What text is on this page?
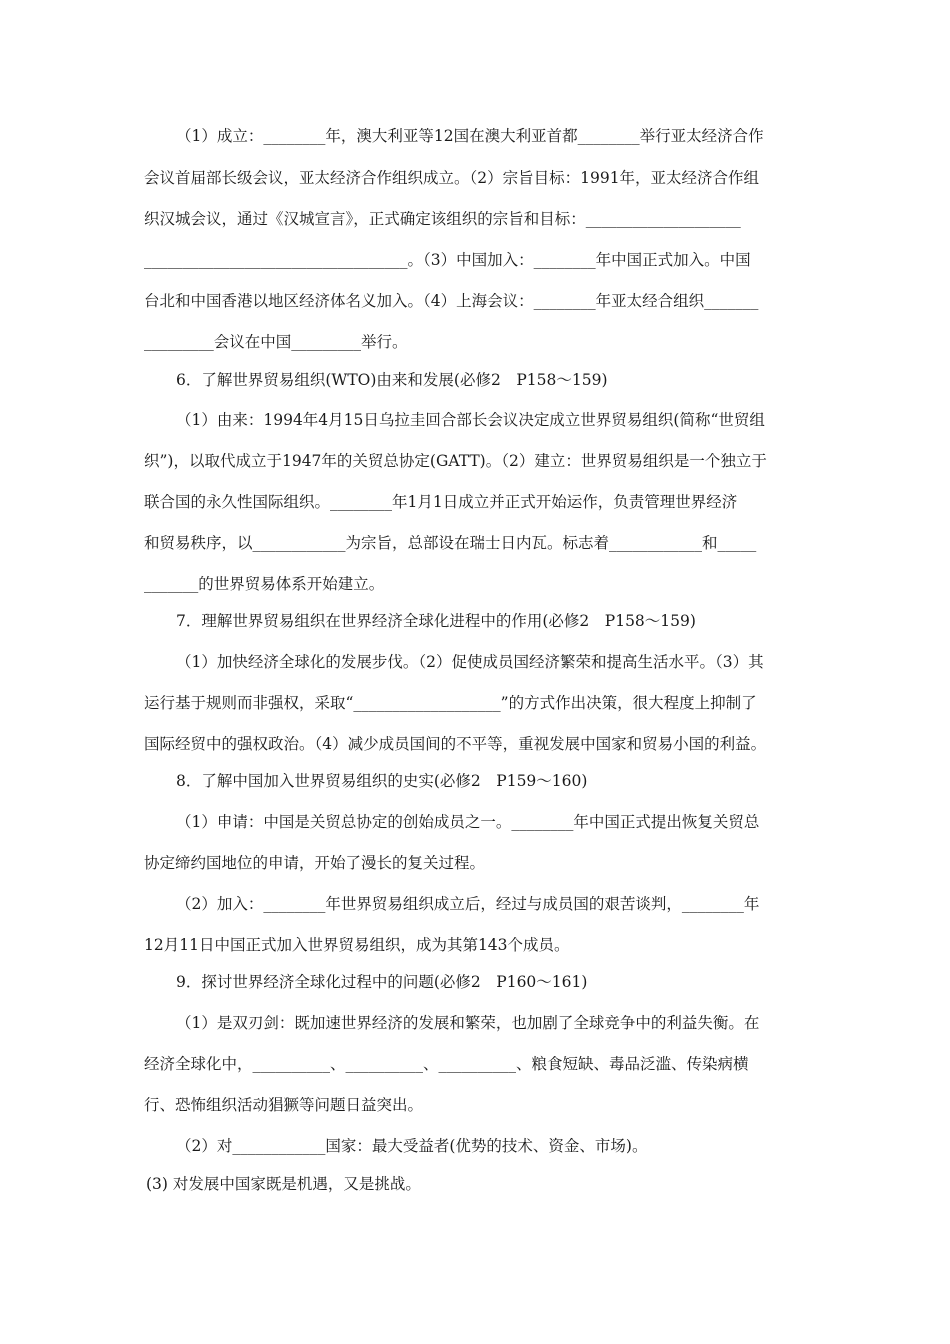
（1）成立：________年，澳大利亚等12国在澳大利亚首都________举行亚太经济合作
会议首届部长级会议，亚太经济合作组织成立。（2）宗旨目标：1991年，亚太经济合作组
织汉城会议，通过《汉城宣言》，正式确定该组织的宗旨和目标：____________________
__________________________________。（3）中国加入：________年中国正式加入。中国
台北和中国香港以地区经济体名义加入。（4）上海会议：________年亚太经合组织_______
_________会议在中国_________举行。
6．了解世界贸易组织(WTO)由来和发展(必修2　P158～159)
（1）由来：1994年4月15日乌拉圭回合部长会议决定成立世界贸易组织(简称“世贸组
织”)，以取代成立于1947年的关贸总协定(GATT)。（2）建立：世界贸易组织是一个独立于
联合国的永久性国际组织。________年1月1日成立并正式开始运作，负责管理世界经济
和贸易秩序，以____________为宗旨，总部设在瑞士日内瓦。标志着____________和_____
_______的世界贸易体系开始建立。
7．理解世界贸易组织在世界经济全球化进程中的作用(必修2　P158～159)
（1）加快经济全球化的发展步伐。（2）促使成员国经济繁荣和提高生活水平。（3）其
运行基于规则而非强权，采取“___________________”的方式作出决策，很大程度上抑制了
国际经贸中的强权政治。（4）减少成员国间的不平等，重视发展中国家和贸易小国的利益。
8．了解中国加入世界贸易组织的史实(必修2　P159～160)
（1）申请：中国是关贸总协定的创始成员之一。________年中国正式提出恢复关贸总
协定缔约国地位的申请，开始了漫长的复关过程。
（2）加入：________年世界贸易组织成立后，经过与成员国的艰苦谈判，________年
12月11日中国正式加入世界贸易组织，成为其第143个成员。
9．探讨世界经济全球化过程中的问题(必修2　P160～161)
（1）是双刃剑：既加速世界经济的发展和繁荣，也加剧了全球竞争中的利益失衡。在
经济全球化中，__________、__________、__________、粮食短缺、毒品泛滥、传染病横
行、恐怖组织活动猖獗等问题日益突出。
（2）对____________国家：最大受益者(优势的技术、资金、市场)。
(3) 对发展中国家既是机遇，又是挑战。
